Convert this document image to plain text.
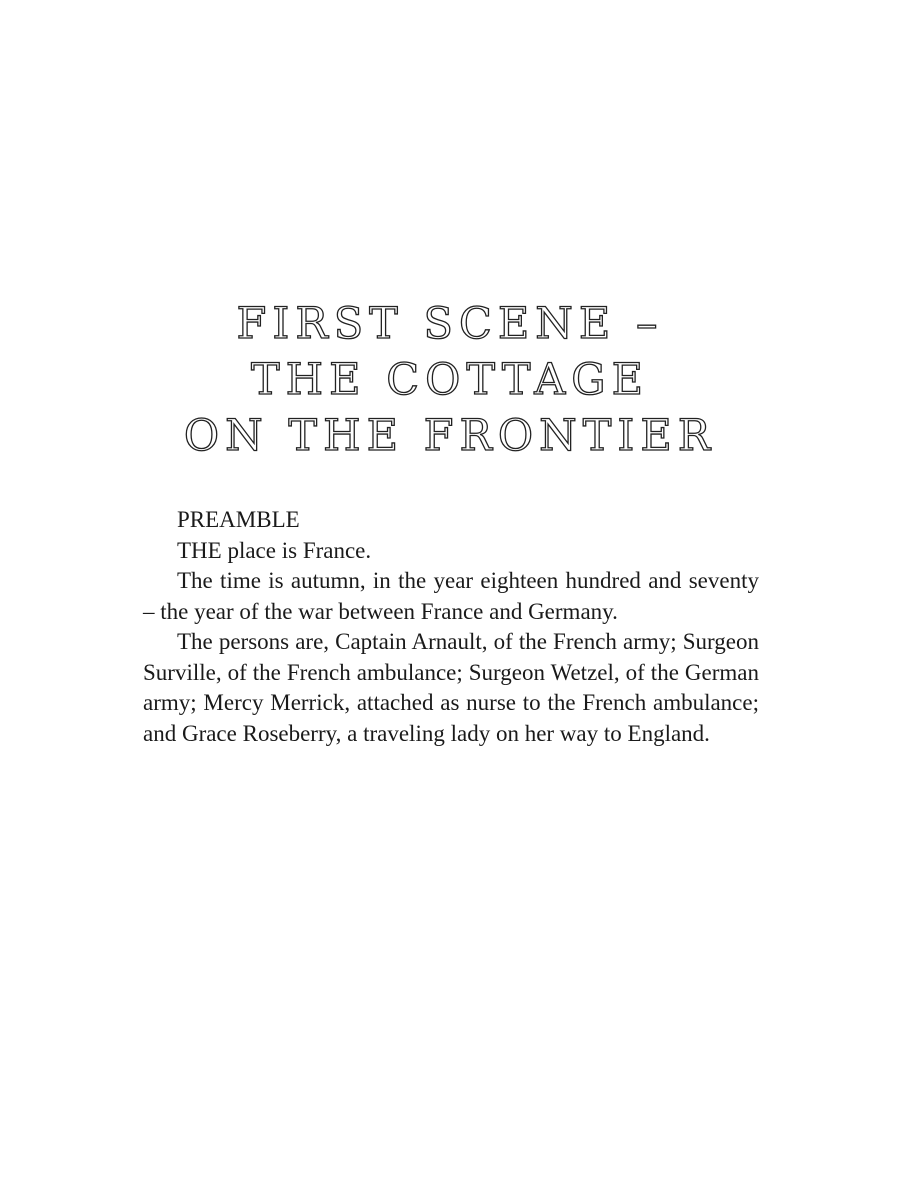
FIRST SCENE –
THE COTTAGE
ON THE FRONTIER

PREAMBLE

THE place is France.

The time is autumn, in the year eighteen hundred and seventy – the year of the war between France and Germany.

The persons are, Captain Arnault, of the French army; Surgeon Surville, of the French ambulance; Surgeon Wetzel, of the German army; Mercy Merrick, attached as nurse to the French ambulance; and Grace Roseberry, a traveling lady on her way to England.
